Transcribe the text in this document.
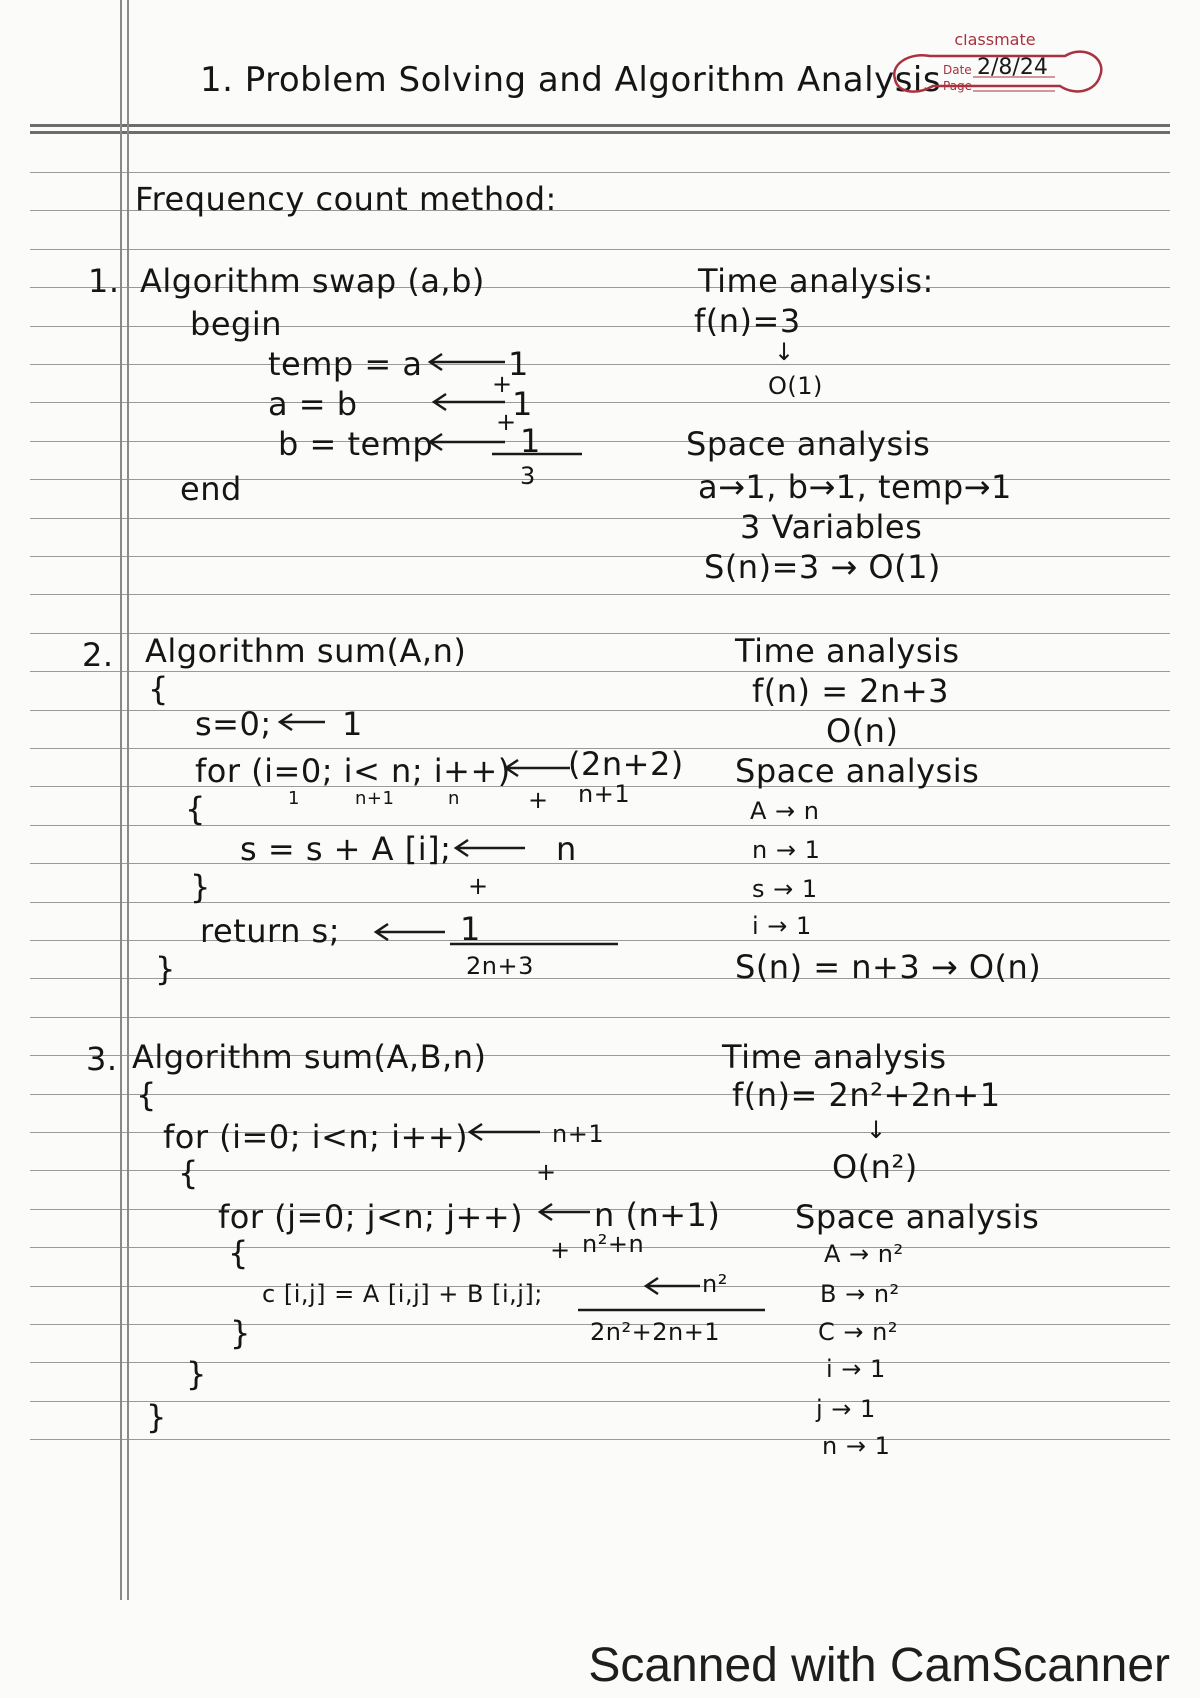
1. Problem Solving and Algorithm Analysis
classmate
Date 2/8/24
Page
Frequency count method:
1. Algorithm swap (a,b)
begin
temp = a
a = b
b = temp
end
1
+
1
+ 1
3
Time analysis:
f(n)=3
↓
O(1)
Space analysis
a→1, b→1, temp→1
3 Variables
S(n)=3 → O(1)
2. Algorithm sum(A,n)
{
s=0;
for (i=0; i< n; i++)
1	n+1	n
{
s = s + A [i];
}
return s;
}
1
(2n+2)
n+1
+
n
+
1
2n+3
Time analysis
f(n) = 2n+3
O(n)
Space analysis
A → n
n → 1
s → 1
i → 1
S(n) = n+3 → O(n)
3. Algorithm sum(A,B,n)
{
for (i=0; i<n; i++)
{
for (j=0; j<n; j++)
{
c [i,j] = A [i,j] + B [i,j];
}
}
}
n+1
+
n (n+1)
n²+n
+
n²
2n²+2n+1
Time analysis
f(n)= 2n²+2n+1
↓
O(n²)
Space analysis
A → n²
B → n²
C → n²
i → 1
j → 1
n → 1
Scanned with CamScanner
